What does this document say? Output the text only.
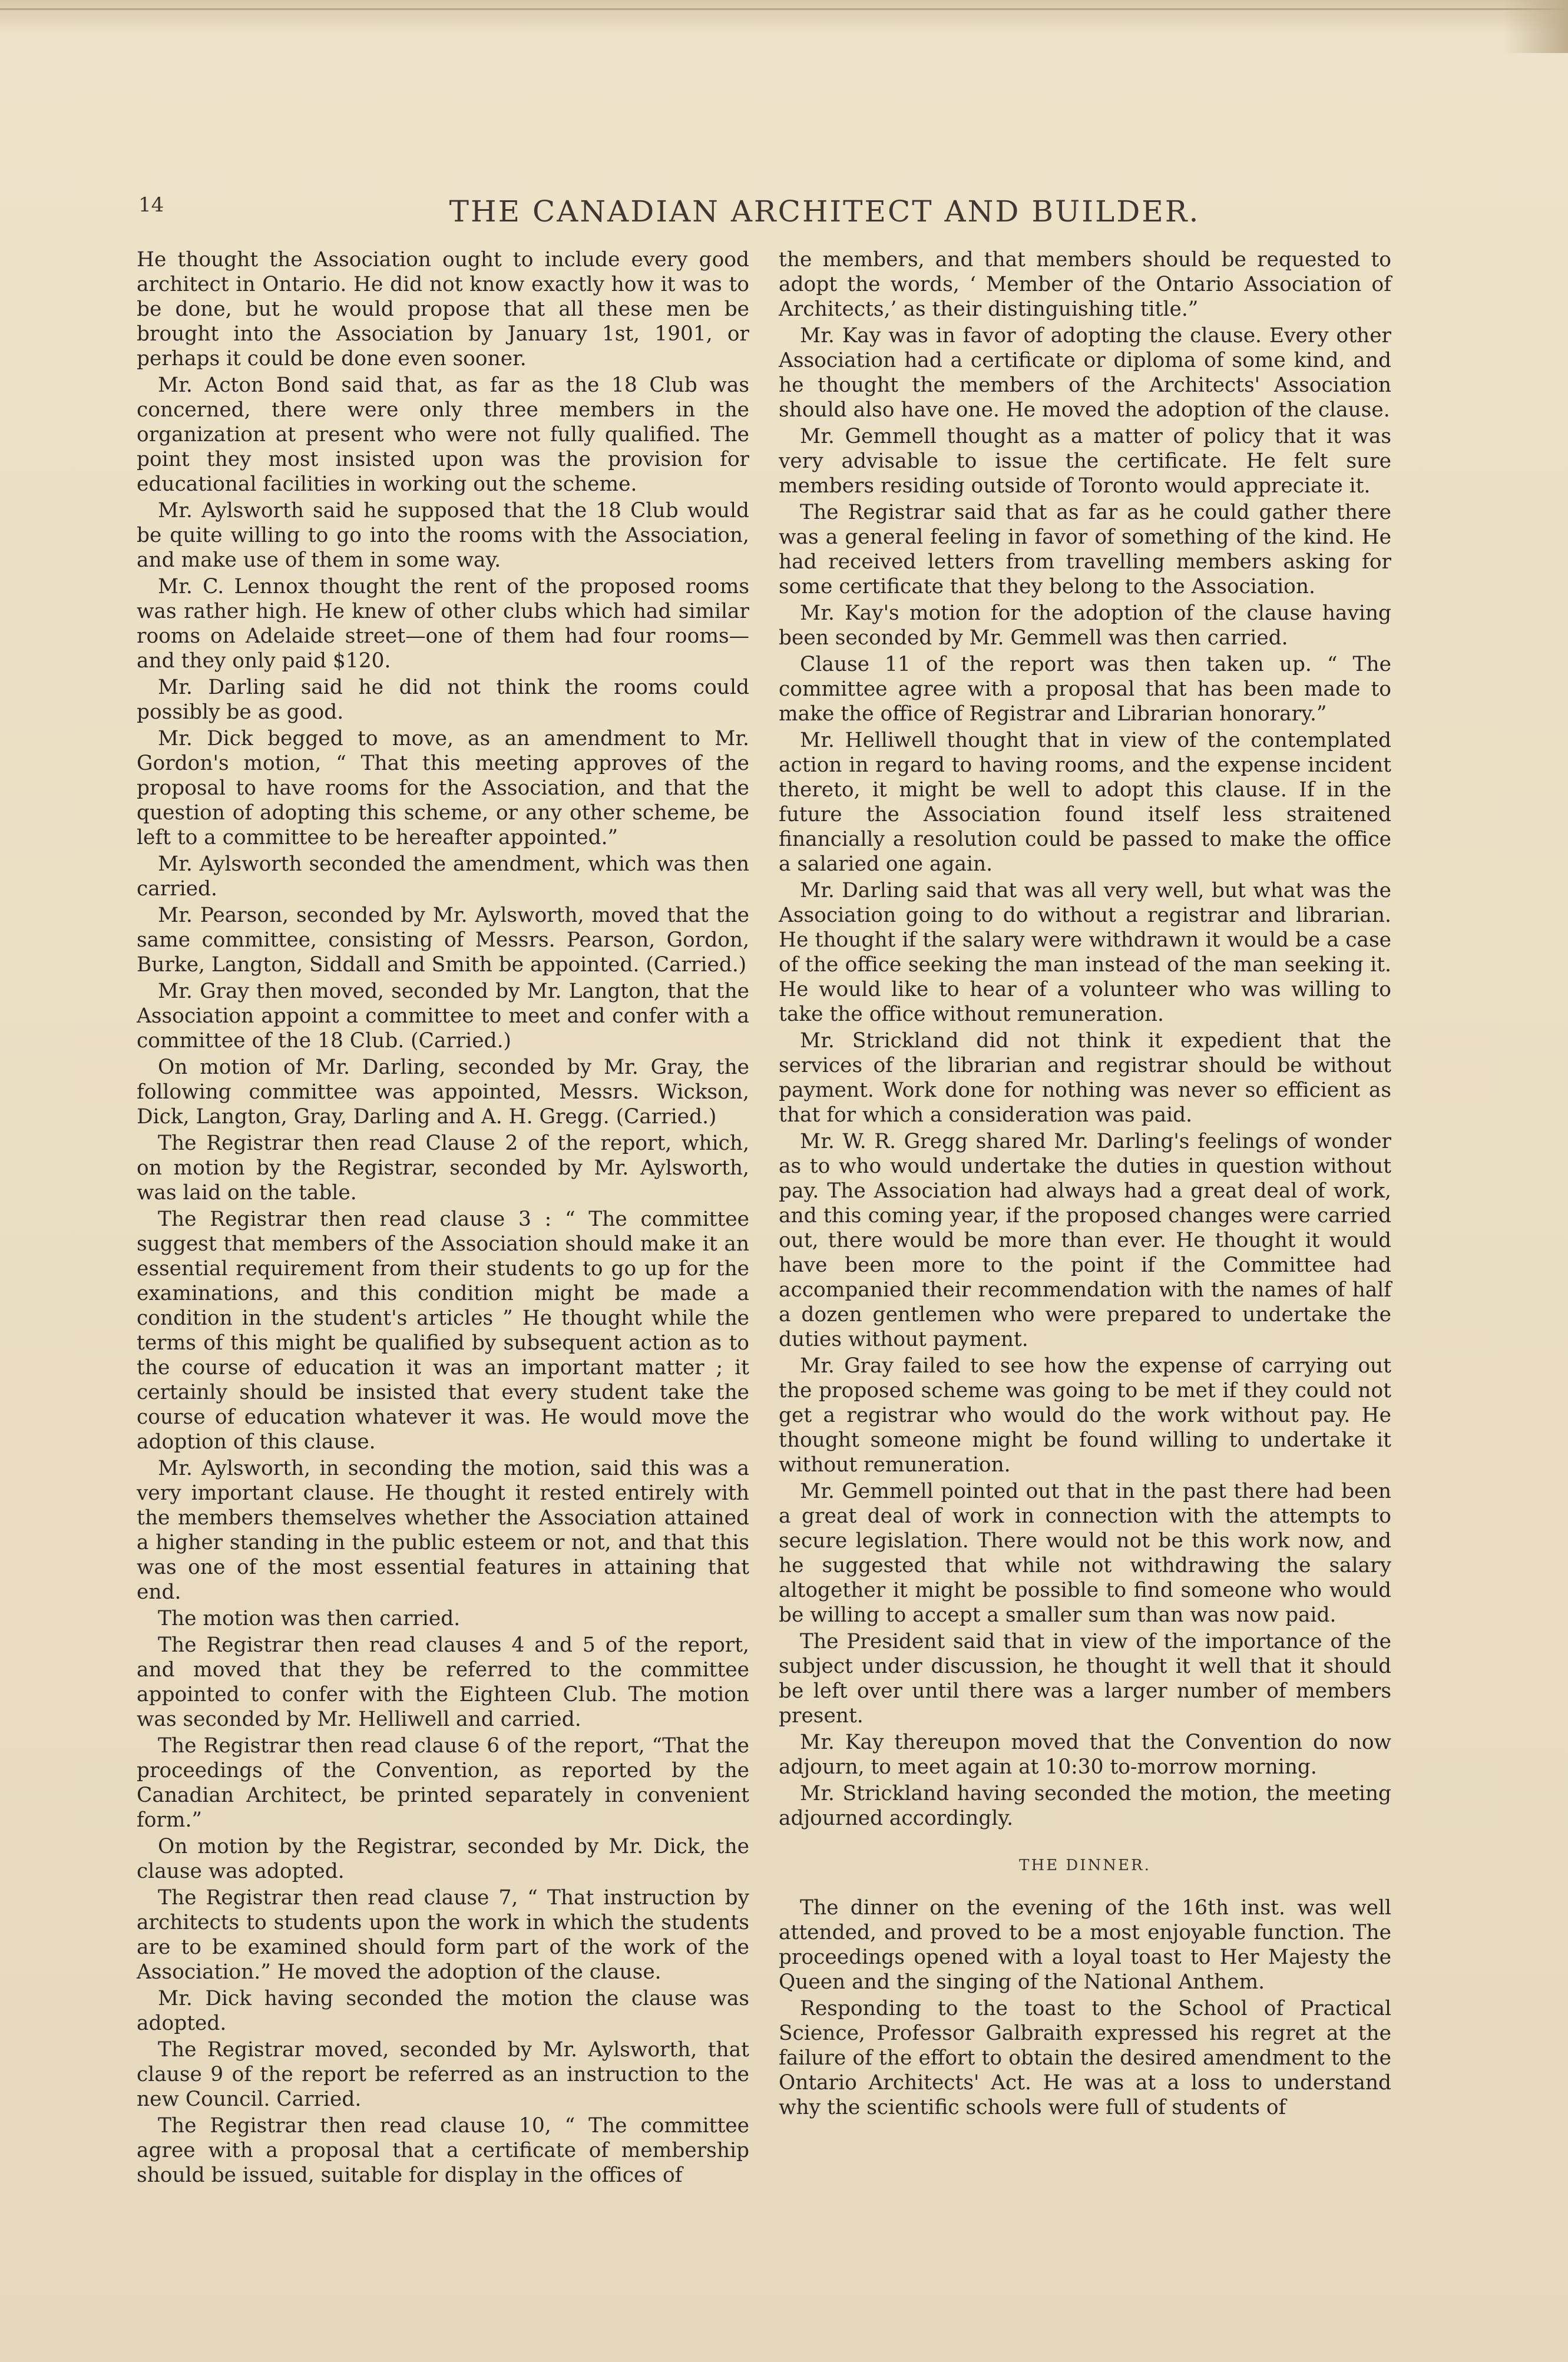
14	THE CANADIAN ARCHITECT AND BUILDER.

He thought the Association ought to include every good architect in Ontario. He did not know exactly how it was to be done, but he would propose that all these men be brought into the Association by January 1st, 1901, or perhaps it could be done even sooner.

Mr. Acton Bond said that, as far as the 18 Club was concerned, there were only three members in the organization at present who were not fully qualified. The point they most insisted upon was the provision for educational facilities in working out the scheme.

Mr. Aylsworth said he supposed that the 18 Club would be quite willing to go into the rooms with the Association, and make use of them in some way.

Mr. C. Lennox thought the rent of the proposed rooms was rather high. He knew of other clubs which had similar rooms on Adelaide street—one of them had four rooms—and they only paid $120.

Mr. Darling said he did not think the rooms could possibly be as good.

Mr. Dick begged to move, as an amendment to Mr. Gordon's motion, “ That this meeting approves of the proposal to have rooms for the Association, and that the question of adopting this scheme, or any other scheme, be left to a committee to be hereafter appointed.”

Mr. Aylsworth seconded the amendment, which was then carried.

Mr. Pearson, seconded by Mr. Aylsworth, moved that the same committee, consisting of Messrs. Pearson, Gordon, Burke, Langton, Siddall and Smith be appointed. (Carried.)

Mr. Gray then moved, seconded by Mr. Langton, that the Association appoint a committee to meet and confer with a committee of the 18 Club. (Carried.)

On motion of Mr. Darling, seconded by Mr. Gray, the following committee was appointed, Messrs. Wickson, Dick, Langton, Gray, Darling and A. H. Gregg. (Carried.)

The Registrar then read Clause 2 of the report, which, on motion by the Registrar, seconded by Mr. Aylsworth, was laid on the table.

The Registrar then read clause 3 : “ The committee suggest that members of the Association should make it an essential requirement from their students to go up for the examinations, and this condition might be made a condition in the student's articles ” He thought while the terms of this might be qualified by subsequent action as to the course of education it was an important matter ; it certainly should be insisted that every student take the course of education whatever it was. He would move the adoption of this clause.

Mr. Aylsworth, in seconding the motion, said this was a very important clause. He thought it rested entirely with the members themselves whether the Association attained a higher standing in the public esteem or not, and that this was one of the most essential features in attaining that end.

The motion was then carried.

The Registrar then read clauses 4 and 5 of the report, and moved that they be referred to the committee appointed to confer with the Eighteen Club. The motion was seconded by Mr. Helliwell and carried.

The Registrar then read clause 6 of the report, “That the proceedings of the Convention, as reported by the Canadian Architect, be printed separately in convenient form.”

On motion by the Registrar, seconded by Mr. Dick, the clause was adopted.

The Registrar then read clause 7, “ That instruction by architects to students upon the work in which the students are to be examined should form part of the work of the Association.” He moved the adoption of the clause.

Mr. Dick having seconded the motion the clause was adopted.

The Registrar moved, seconded by Mr. Aylsworth, that clause 9 of the report be referred as an instruction to the new Council. Carried.

The Registrar then read clause 10, “ The committee agree with a proposal that a certificate of membership should be issued, suitable for display in the offices of

the members, and that members should be requested to adopt the words, ‘ Member of the Ontario Association of Architects,’ as their distinguishing title.”

Mr. Kay was in favor of adopting the clause. Every other Association had a certificate or diploma of some kind, and he thought the members of the Architects' Association should also have one. He moved the adoption of the clause.

Mr. Gemmell thought as a matter of policy that it was very advisable to issue the certificate. He felt sure members residing outside of Toronto would appreciate it.

The Registrar said that as far as he could gather there was a general feeling in favor of something of the kind. He had received letters from travelling members asking for some certificate that they belong to the Association.

Mr. Kay's motion for the adoption of the clause having been seconded by Mr. Gemmell was then carried.

Clause 11 of the report was then taken up. “ The committee agree with a proposal that has been made to make the office of Registrar and Librarian honorary.”

Mr. Helliwell thought that in view of the contemplated action in regard to having rooms, and the expense incident thereto, it might be well to adopt this clause. If in the future the Association found itself less straitened financially a resolution could be passed to make the office a salaried one again.

Mr. Darling said that was all very well, but what was the Association going to do without a registrar and librarian. He thought if the salary were withdrawn it would be a case of the office seeking the man instead of the man seeking it. He would like to hear of a volunteer who was willing to take the office without remuneration.

Mr. Strickland did not think it expedient that the services of the librarian and registrar should be without payment. Work done for nothing was never so efficient as that for which a consideration was paid.

Mr. W. R. Gregg shared Mr. Darling's feelings of wonder as to who would undertake the duties in question without pay. The Association had always had a great deal of work, and this coming year, if the proposed changes were carried out, there would be more than ever. He thought it would have been more to the point if the Committee had accompanied their recommendation with the names of half a dozen gentlemen who were prepared to undertake the duties without payment.

Mr. Gray failed to see how the expense of carrying out the proposed scheme was going to be met if they could not get a registrar who would do the work without pay. He thought someone might be found willing to undertake it without remuneration.

Mr. Gemmell pointed out that in the past there had been a great deal of work in connection with the attempts to secure legislation. There would not be this work now, and he suggested that while not withdrawing the salary altogether it might be possible to find someone who would be willing to accept a smaller sum than was now paid.

The President said that in view of the importance of the subject under discussion, he thought it well that it should be left over until there was a larger number of members present.

Mr. Kay thereupon moved that the Convention do now adjourn, to meet again at 10:30 to-morrow morning.

Mr. Strickland having seconded the motion, the meeting adjourned accordingly.

THE DINNER.

The dinner on the evening of the 16th inst. was well attended, and proved to be a most enjoyable function. The proceedings opened with a loyal toast to Her Majesty the Queen and the singing of the National Anthem.

Responding to the toast to the School of Practical Science, Professor Galbraith expressed his regret at the failure of the effort to obtain the desired amendment to the Ontario Architects' Act. He was at a loss to understand why the scientific schools were full of students of
